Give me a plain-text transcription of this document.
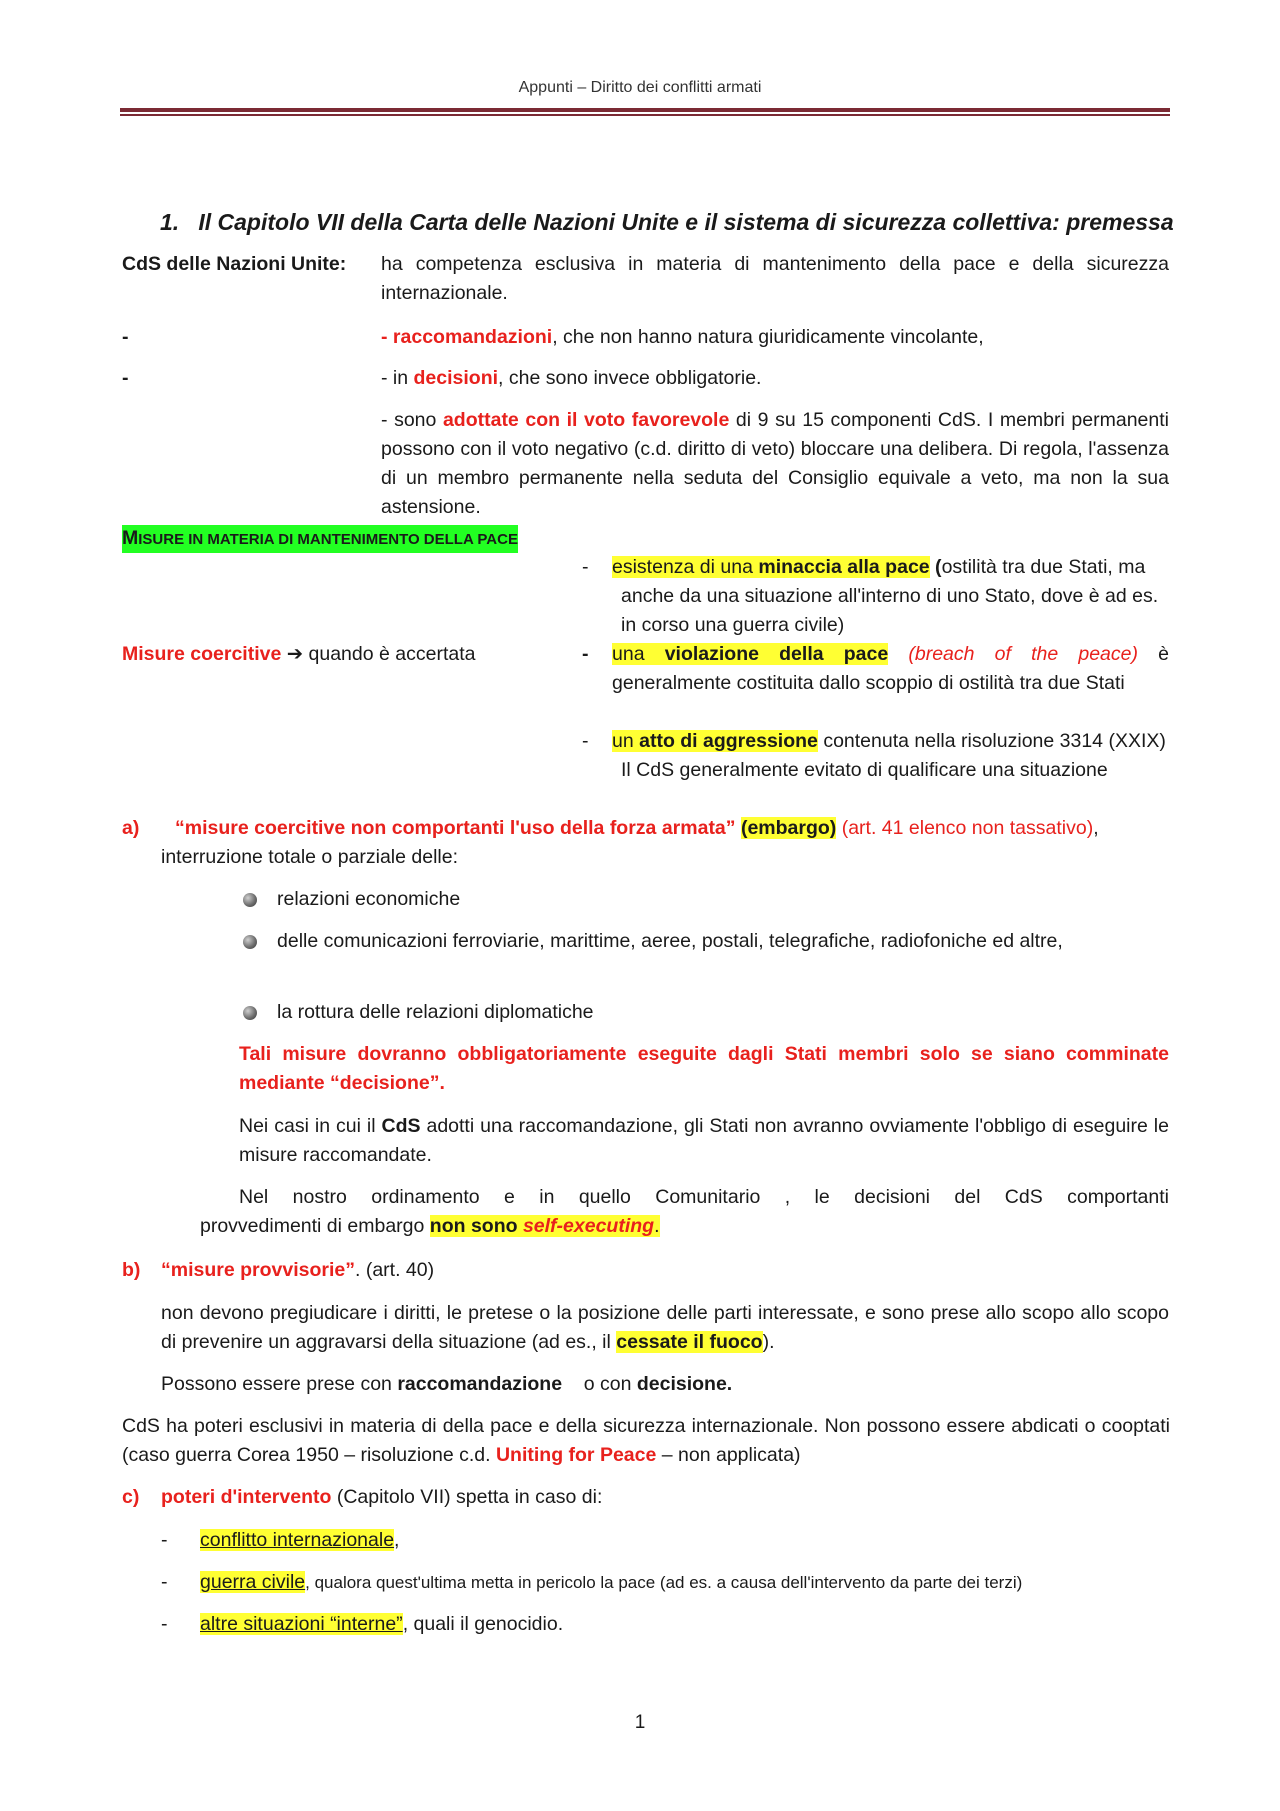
Appunti – Diritto dei conflitti armati
1. Il Capitolo VII della Carta delle Nazioni Unite e il sistema di sicurezza collettiva: premessa
CdS delle Nazioni Unite:	ha competenza esclusiva in materia di mantenimento della pace e della sicurezza internazionale.
-	- raccomandazioni, che non hanno natura giuridicamente vincolante,
-	- in decisioni, che sono invece obbligatorie.
- sono adottate con il voto favorevole di 9 su 15 componenti CdS. I membri permanenti possono con il voto negativo (c.d. diritto di veto) bloccare una delibera. Di regola, l'assenza di un membro permanente nella seduta del Consiglio equivale a veto, ma non la sua astensione.
MISURE IN MATERIA DI MANTENIMENTO DELLA PACE
- esistenza di una minaccia alla pace (ostilità tra due Stati, ma anche da una situazione all'interno di uno Stato, dove è ad es. in corso una guerra civile)
Misure coercitive ➔ quando è accertata	- una violazione della pace (breach of the peace) è generalmente costituita dallo scoppio di ostilità tra due Stati
- un atto di aggressione contenuta nella risoluzione 3314 (XXIX) Il CdS generalmente evitato di qualificare una situazione
a)	“misure coercitive non comportanti l'uso della forza armata” (embargo) (art. 41 elenco non tassativo), interruzione totale o parziale delle:
relazioni economiche
delle comunicazioni ferroviarie, marittime, aeree, postali, telegrafiche, radiofoniche ed altre,
la rottura delle relazioni diplomatiche
Tali misure dovranno obbligatoriamente eseguite dagli Stati membri solo se siano comminate mediante “decisione”.
Nei casi in cui il CdS adotti una raccomandazione, gli Stati non avranno ovviamente l'obbligo di eseguire le misure raccomandate.
Nel nostro ordinamento e in quello Comunitario , le decisioni del CdS comportanti
provvedimenti di embargo non sono self-executing.
b) “misure provvisorie”. (art. 40)
non devono pregiudicare i diritti, le pretese o la posizione delle parti interessate, e sono prese allo scopo allo scopo di prevenire un aggravarsi della situazione (ad es., il cessate il fuoco).
Possono essere prese con raccomandazione    o con decisione.
CdS ha poteri esclusivi in materia di della pace e della sicurezza internazionale. Non possono essere abdicati o cooptati (caso guerra Corea 1950 – risoluzione c.d. Uniting for Peace – non applicata)
c) poteri d'intervento (Capitolo VII) spetta in caso di:
- conflitto internazionale,
- guerra civile, qualora quest'ultima metta in pericolo la pace (ad es. a causa dell'intervento da parte dei terzi)
- altre situazioni “interne”, quali il genocidio.
1
